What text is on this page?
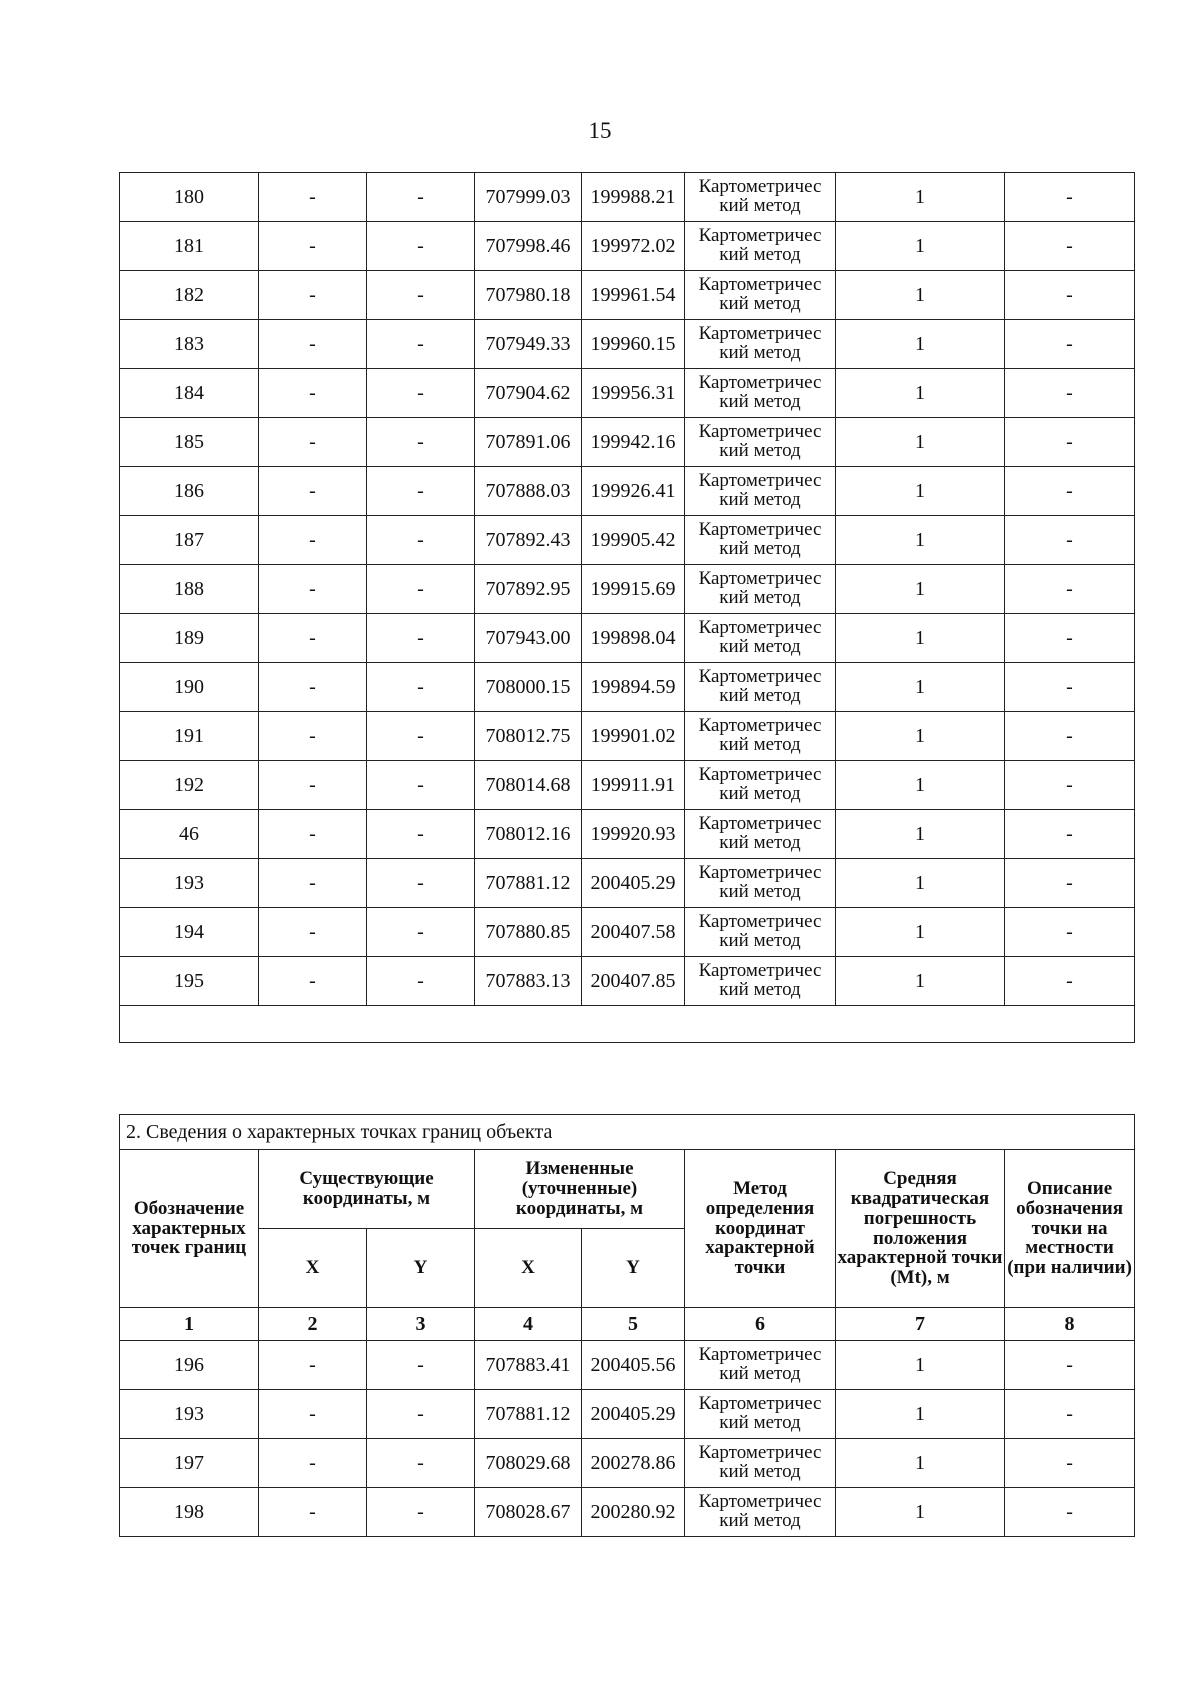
15
180	-	-	707999.03	199988.21	Картометричес кий метод	1	-
181	-	-	707998.46	199972.02	Картометричес кий метод	1	-
182	-	-	707980.18	199961.54	Картометричес кий метод	1	-
183	-	-	707949.33	199960.15	Картометричес кий метод	1	-
184	-	-	707904.62	199956.31	Картометричес кий метод	1	-
185	-	-	707891.06	199942.16	Картометричес кий метод	1	-
186	-	-	707888.03	199926.41	Картометричес кий метод	1	-
187	-	-	707892.43	199905.42	Картометричес кий метод	1	-
188	-	-	707892.95	199915.69	Картометричес кий метод	1	-
189	-	-	707943.00	199898.04	Картометричес кий метод	1	-
190	-	-	708000.15	199894.59	Картометричес кий метод	1	-
191	-	-	708012.75	199901.02	Картометричес кий метод	1	-
192	-	-	708014.68	199911.91	Картометричес кий метод	1	-
46	-	-	708012.16	199920.93	Картометричес кий метод	1	-
193	-	-	707881.12	200405.29	Картометричес кий метод	1	-
194	-	-	707880.85	200407.58	Картометричес кий метод	1	-
195	-	-	707883.13	200407.85	Картометричес кий метод	1	-

2. Сведения о характерных точках границ объекта							
Обозначение характерных точек границ	Существующие координаты, м		Измененные (уточненные) координаты, м		Метод определения координат характерной точки	Средняя квадратическая погрешность положения характерной точки (Mt), м	Описание обозначения точки на местности (при наличии)
	X	Y	X	Y			
1	2	3	4	5	6	7	8
196	-	-	707883.41	200405.56	Картометричес кий метод	1	-
193	-	-	707881.12	200405.29	Картометричес кий метод	1	-
197	-	-	708029.68	200278.86	Картометричес кий метод	1	-
198	-	-	708028.67	200280.92	Картометричес кий метод	1	-
